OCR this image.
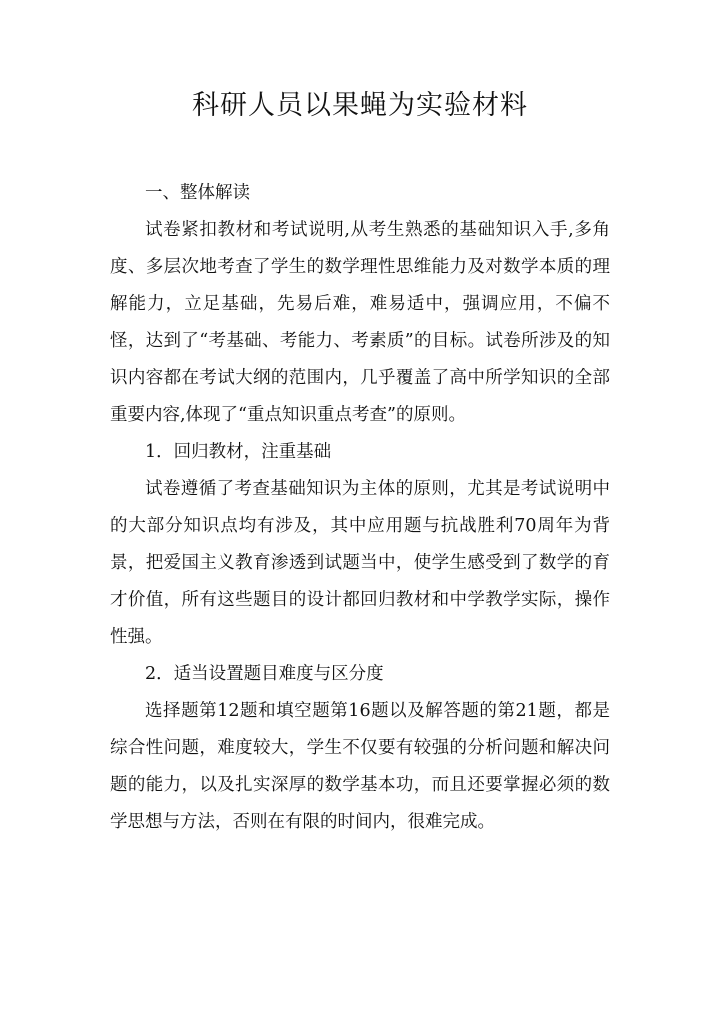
科研人员以果蝇为实验材料

一、整体解读

试卷紧扣教材和考试说明,从考生熟悉的基础知识入手,多角度、多层次地考查了学生的数学理性思维能力及对数学本质的理解能力，立足基础，先易后难，难易适中，强调应用，不偏不怪，达到了“考基础、考能力、考素质”的目标。试卷所涉及的知识内容都在考试大纲的范围内，几乎覆盖了高中所学知识的全部重要内容,体现了“重点知识重点考查”的原则。

1．回归教材，注重基础

试卷遵循了考查基础知识为主体的原则，尤其是考试说明中的大部分知识点均有涉及，其中应用题与抗战胜利70周年为背景，把爱国主义教育渗透到试题当中，使学生感受到了数学的育才价值，所有这些题目的设计都回归教材和中学教学实际，操作性强。

2．适当设置题目难度与区分度

选择题第12题和填空题第16题以及解答题的第21题，都是综合性问题，难度较大，学生不仅要有较强的分析问题和解决问题的能力，以及扎实深厚的数学基本功，而且还要掌握必须的数学思想与方法，否则在有限的时间内，很难完成。
